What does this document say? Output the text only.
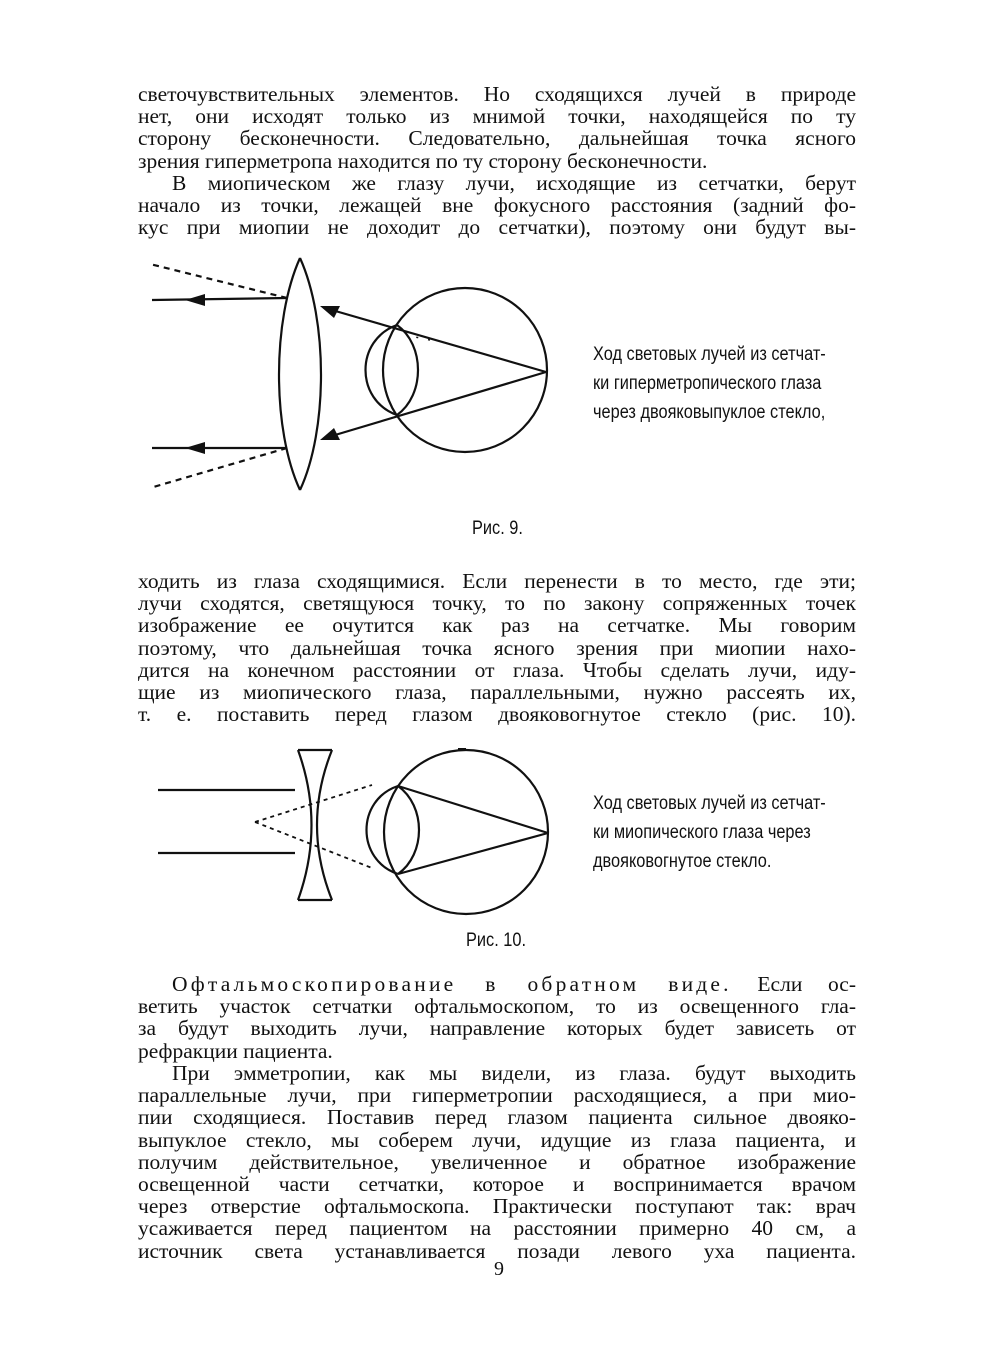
светочувствительных элементов. Но сходящихся лучей в природе
нет, они исходят только из мнимой точки, находящейся по ту
сторону бесконечности. Следовательно, дальнейшая точка ясного
зрения гиперметропа находится по ту сторону бесконечности.
В миопическом же глазу лучи, исходящие из сетчатки, берут
начало из точки, лежащей вне фокусного расстояния (задний фо-
кус при миопии не доходит до сетчатки), поэтому они будут вы-
Ход световых лучей из сетчат-
ки гиперметропического глаза
через двояковыпуклое стекло,
Рис. 9.
ходить из глаза сходящимися. Если перенести в то место, где эти;
лучи сходятся, светящуюся точку, то по закону сопряженных точек
изображение ее очутится как раз на сетчатке. Мы говорим
поэтому, что дальнейшая точка ясного зрения при миопии нахо-
дится на конечном расстоянии от глаза. Чтобы сделать лучи, иду-
щие из миопического глаза, параллельными, нужно рассеять их,
т. е. поставить перед глазом двояковогнутое стекло (рис. 10).
Ход световых лучей из сетчат-
ки миопического глаза через
двояковогнутое стекло.
Рис. 10.
Офтальмоскопирование в обратном виде. Если ос-
ветить участок сетчатки офтальмоскопом, то из освещенного гла-
за будут выходить лучи, направление которых будет зависеть от
рефракции пациента.
При эмметропии, как мы видели, из глаза. будут выходить
параллельные лучи, при гиперметропии расходящиеся, а при мио-
пии сходящиеся. Поставив перед глазом пациента сильное двояко-
выпуклое стекло, мы соберем лучи, идущие из глаза пациента, и
получим действительное, увеличенное и обратное изображение
освещенной части сетчатки, которое и воспринимается врачом
через отверстие офтальмоскопа. Практически поступают так: врач
усаживается перед пациентом на расстоянии примерно 40 см, а
источник света устанавливается позади левого уха пациента.
9
